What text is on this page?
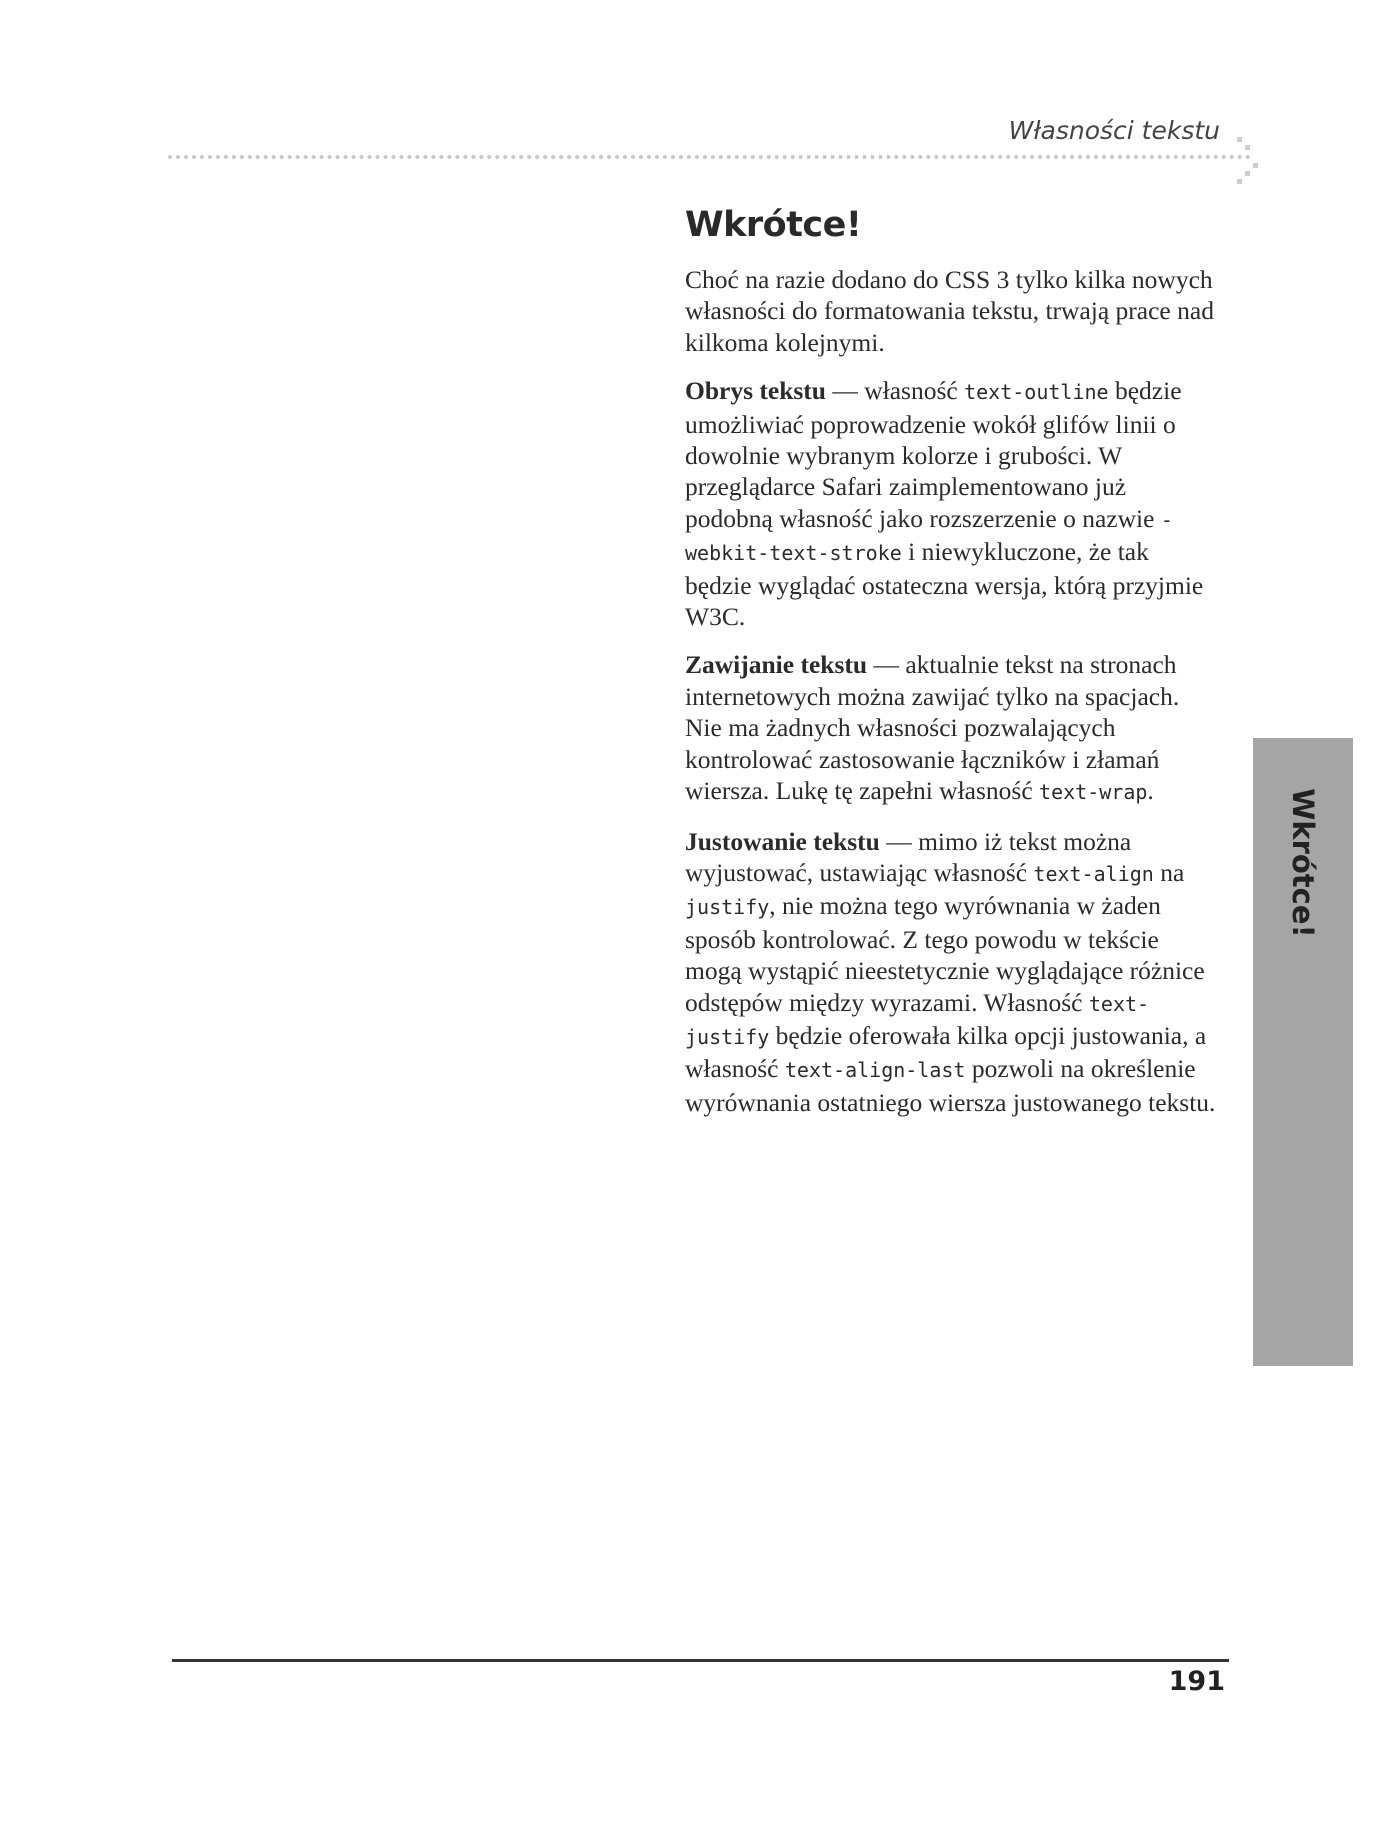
Własności tekstu
Wkrótce!

Choć na razie dodano do CSS 3 tylko kilka nowych własności do formatowania tekstu, trwają prace nad kilkoma kolejnymi.

Obrys tekstu — własność text-outline będzie umożliwiać poprowadzenie wokół glifów linii o dowolnie wybranym kolorze i grubości. W przeglądarce Safari zaimplementowano już podobną własność jako rozszerzenie o nazwie -webkit-text-stroke i niewykluczone, że tak będzie wyglądać ostateczna wersja, którą przyjmie W3C.

Zawijanie tekstu — aktualnie tekst na stronach internetowych można zawijać tylko na spacjach. Nie ma żadnych własności pozwalających kontrolować zastosowanie łączników i złamań wiersza. Lukę tę zapełni własność text-wrap.

Justowanie tekstu — mimo iż tekst można wyjustować, ustawiając własność text-align na justify, nie można tego wyrównania w żaden sposób kontrolować. Z tego powodu w tekście mogą wystąpić nieestetycznie wyglądające różnice odstępów między wyrazami. Własność text-justify będzie oferowała kilka opcji justowania, a własność text-align-last pozwoli na określenie wyrównania ostatniego wiersza justowanego tekstu.

Wkrótce!
191
